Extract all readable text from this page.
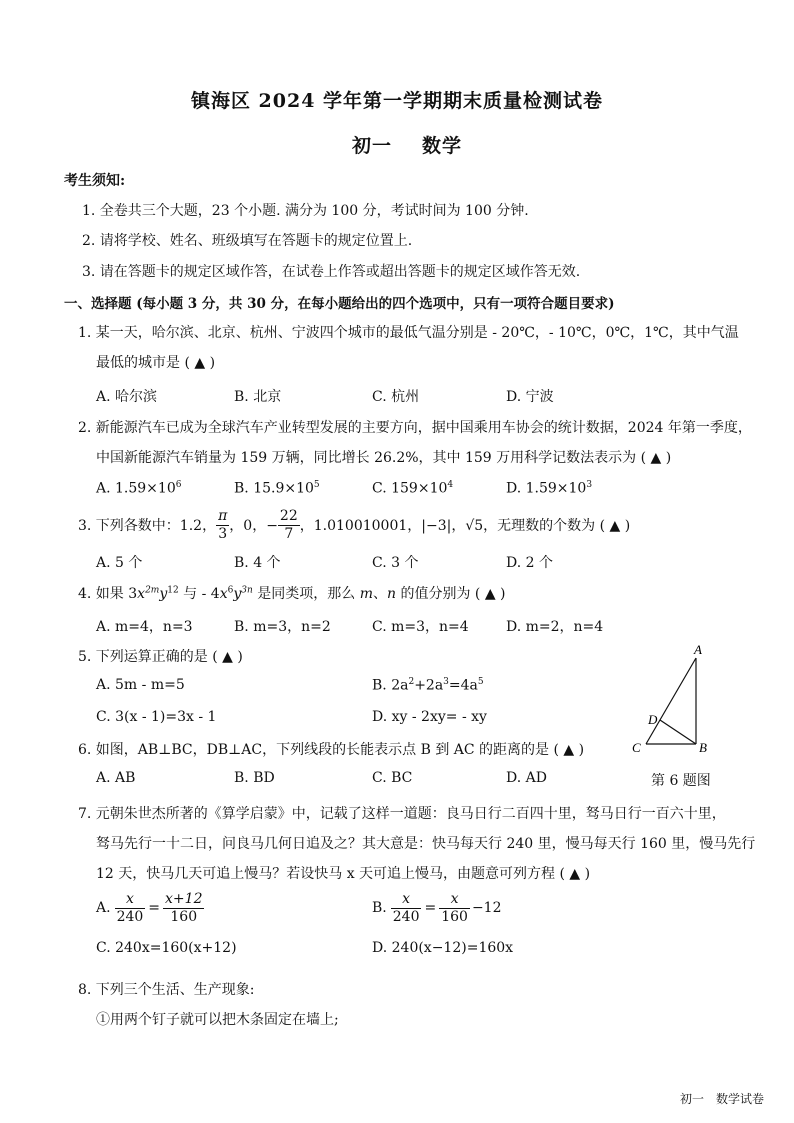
镇海区 2024 学年第一学期期末质量检测试卷
初一 数学
考生须知:
1. 全卷共三个大题，23 个小题. 满分为 100 分，考试时间为 100 分钟.
2. 请将学校、姓名、班级填写在答题卡的规定位置上.
3. 请在答题卡的规定区域作答，在试卷上作答或超出答题卡的规定区域作答无效.
一、选择题 (每小题 3 分，共 30 分，在每小题给出的四个选项中，只有一项符合题目要求)
1. 某一天，哈尔滨、北京、杭州、宁波四个城市的最低气温分别是 - 20℃，- 10℃，0℃，1℃，其中气温
最低的城市是 ( ▲ )
A. 哈尔滨	B. 北京	C. 杭州	D. 宁波
2. 新能源汽车已成为全球汽车产业转型发展的主要方向，据中国乘用车协会的统计数据，2024 年第一季度，
中国新能源汽车销量为 159 万辆，同比增长 26.2%，其中 159 万用科学记数法表示为 ( ▲ )
A. $1.59\times 10^6$	B. $15.9\times 10^5$	C. $159\times 10^4$	D. $1.59\times 10^3$
3. 下列各数中：1.2， $\frac{\pi}{3}$ ，0，− $\frac{22}{7}$ ，1.010010001，|−3|，√5，无理数的个数为 ( ▲ )
A. 5 个	B. 4 个	C. 3 个	D. 2 个
4. 如果 $3x^{2m}y^{12}$ 与 - $4x^6y^{3n}$ 是同类项，那么 m、n 的值分别为 ( ▲ )
A. m=4，n=3	B. m=3，n=2	C. m=3，n=4	D. m=2，n=4
5. 下列运算正确的是 ( ▲ )
A. 5m - m=5	B. $2a^2+2a^3=4a^5$
C. 3(x - 1)=3x - 1	D. xy - 2xy= - xy
A
B
C
D
6. 如图，AB⊥BC，DB⊥AC，下列线段的长能表示点 B 到 AC 的距离的是 ( ▲ )
A. AB	B. BD	C. BC	D. AD	第 6 题图
7. 元朝朱世杰所著的《算学启蒙》中，记载了这样一道题：良马日行二百四十里，驽马日行一百六十里，
驽马先行一十二日，问良马几何日追及之？其大意是：快马每天行 240 里，慢马每天行 160 里，慢马先行
12 天，快马几天可追上慢马？若设快马 x 天可追上慢马，由题意可列方程 ( ▲ )
A. $\frac{x}{240} = \frac{x+12}{160}$	B. $\frac{x}{240} = \frac{x}{160} -12$
C. 240x=160(x+12)	D. 240(x−12)=160x
8. 下列三个生活、生产现象:
①用两个钉子就可以把木条固定在墙上;
初一 数学试卷
